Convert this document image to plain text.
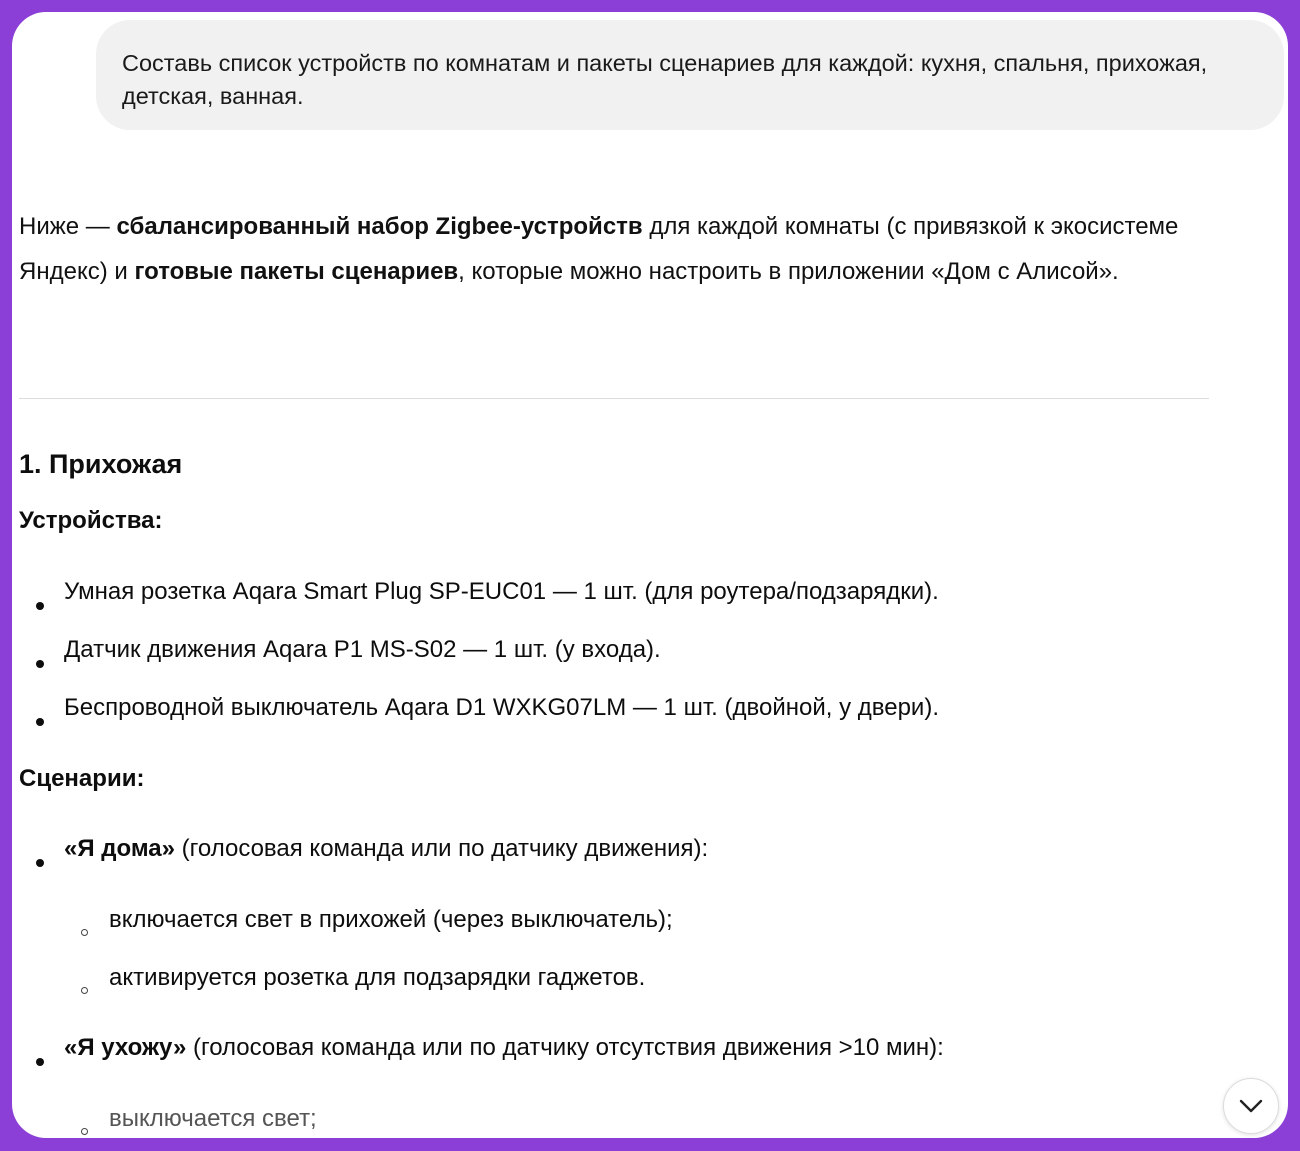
Составь список устройств по комнатам и пакеты сценариев для каждой: кухня, спальня, прихожая, детская, ванная.

Ниже — сбалансированный набор Zigbee-устройств для каждой комнаты (с привязкой к экосистеме Яндекс) и готовые пакеты сценариев, которые можно настроить в приложении «Дом с Алисой».

1. Прихожая
Устройства:
Умная розетка Aqara Smart Plug SP-EUC01 — 1 шт. (для роутера/подзарядки).
Датчик движения Aqara P1 MS-S02 — 1 шт. (у входа).
Беспроводной выключатель Aqara D1 WXKG07LM — 1 шт. (двойной, у двери).
Сценарии:
«Я дома» (голосовая команда или по датчику движения):
включается свет в прихожей (через выключатель);
активируется розетка для подзарядки гаджетов.
«Я ухожу» (голосовая команда или по датчику отсутствия движения >10 мин):
выключается свет;
